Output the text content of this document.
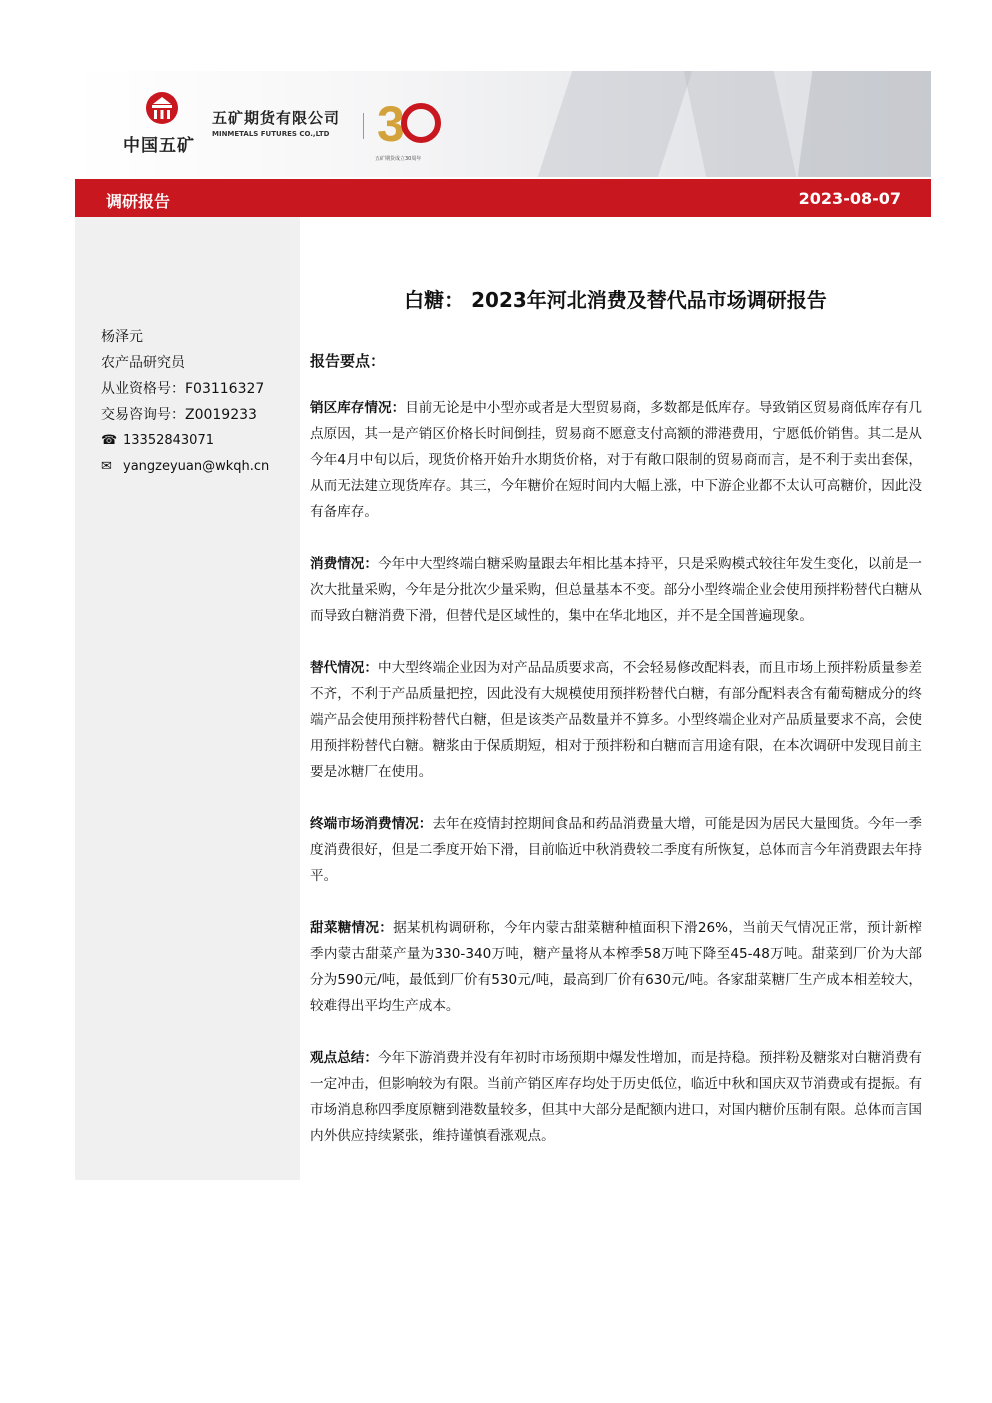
中国五矿
五矿期货有限公司
MINMETALS FUTURES CO.,LTD 3
五矿期货成立30周年
调研报告	2023-08-07
杨泽元
农产品研究员
从业资格号：F03116327
交易咨询号：Z0019233
☎ 13352843071
✉ yangzeyuan@wkqh.cn
白糖： 2023年河北消费及替代品市场调研报告
报告要点：

销区库存情况：目前无论是中小型亦或者是大型贸易商，多数都是低库存。导致销区贸易商低库存有几点原因，其一是产销区价格长时间倒挂，贸易商不愿意支付高额的滞港费用，宁愿低价销售。其二是从今年4月中旬以后，现货价格开始升水期货价格，对于有敞口限制的贸易商而言，是不利于卖出套保，从而无法建立现货库存。其三，今年糖价在短时间内大幅上涨，中下游企业都不太认可高糖价，因此没有备库存。

消费情况：今年中大型终端白糖采购量跟去年相比基本持平，只是采购模式较往年发生变化，以前是一次大批量采购，今年是分批次少量采购，但总量基本不变。部分小型终端企业会使用预拌粉替代白糖从而导致白糖消费下滑，但替代是区域性的，集中在华北地区，并不是全国普遍现象。

替代情况：中大型终端企业因为对产品品质要求高，不会轻易修改配料表，而且市场上预拌粉质量参差不齐，不利于产品质量把控，因此没有大规模使用预拌粉替代白糖，有部分配料表含有葡萄糖成分的终端产品会使用预拌粉替代白糖，但是该类产品数量并不算多。小型终端企业对产品质量要求不高，会使用预拌粉替代白糖。糖浆由于保质期短，相对于预拌粉和白糖而言用途有限，在本次调研中发现目前主要是冰糖厂在使用。

终端市场消费情况：去年在疫情封控期间食品和药品消费量大增，可能是因为居民大量囤货。今年一季度消费很好，但是二季度开始下滑，目前临近中秋消费较二季度有所恢复，总体而言今年消费跟去年持平。

甜菜糖情况：据某机构调研称，今年内蒙古甜菜糖种植面积下滑26%，当前天气情况正常，预计新榨季内蒙古甜菜产量为330-340万吨，糖产量将从本榨季58万吨下降至45-48万吨。甜菜到厂价为大部分为590元/吨，最低到厂价有530元/吨，最高到厂价有630元/吨。各家甜菜糖厂生产成本相差较大，较难得出平均生产成本。

观点总结：今年下游消费并没有年初时市场预期中爆发性增加，而是持稳。预拌粉及糖浆对白糖消费有一定冲击，但影响较为有限。当前产销区库存均处于历史低位，临近中秋和国庆双节消费或有提振。有市场消息称四季度原糖到港数量较多，但其中大部分是配额内进口，对国内糖价压制有限。总体而言国内外供应持续紧张，维持谨慎看涨观点。
